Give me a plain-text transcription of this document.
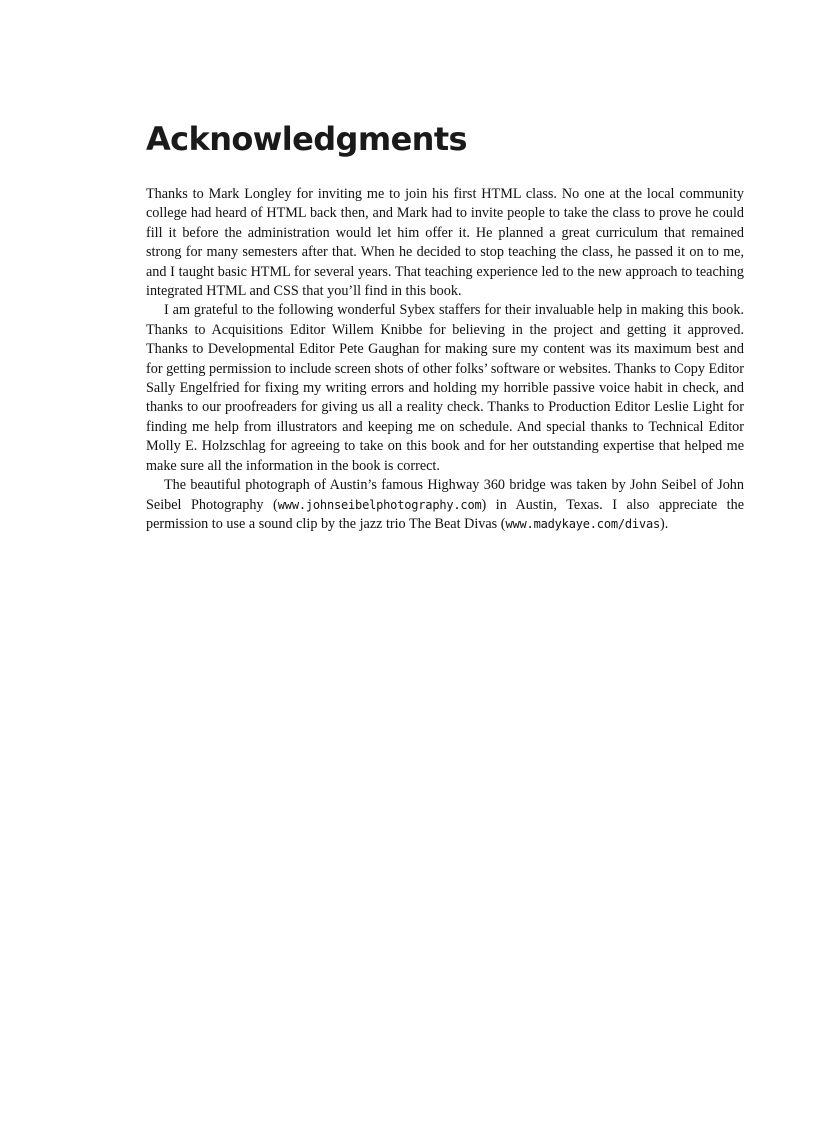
Acknowledgments

Thanks to Mark Longley for inviting me to join his first HTML class. No one at the local community college had heard of HTML back then, and Mark had to invite people to take the class to prove he could fill it before the administration would let him offer it. He planned a great curriculum that remained strong for many semesters after that. When he decided to stop teaching the class, he passed it on to me, and I taught basic HTML for several years. That teaching experience led to the new approach to teaching integrated HTML and CSS that you’ll find in this book.

I am grateful to the following wonderful Sybex staffers for their invaluable help in making this book. Thanks to Acquisitions Editor Willem Knibbe for believing in the project and getting it approved. Thanks to Developmental Editor Pete Gaughan for making sure my content was its maximum best and for getting permission to include screen shots of other folks’ software or websites. Thanks to Copy Editor Sally Engelfried for fixing my writing errors and holding my horrible passive voice habit in check, and thanks to our proofreaders for giving us all a reality check. Thanks to Production Editor Leslie Light for finding me help from illustrators and keeping me on schedule. And special thanks to Technical Editor Molly E. Holzschlag for agreeing to take on this book and for her outstanding expertise that helped me make sure all the information in the book is correct.

The beautiful photograph of Austin’s famous Highway 360 bridge was taken by John Seibel of John Seibel Photography (www.johnseibelphotography.com) in Austin, Texas. I also appreciate the permission to use a sound clip by the jazz trio The Beat Divas (www.madykaye.com/divas).
